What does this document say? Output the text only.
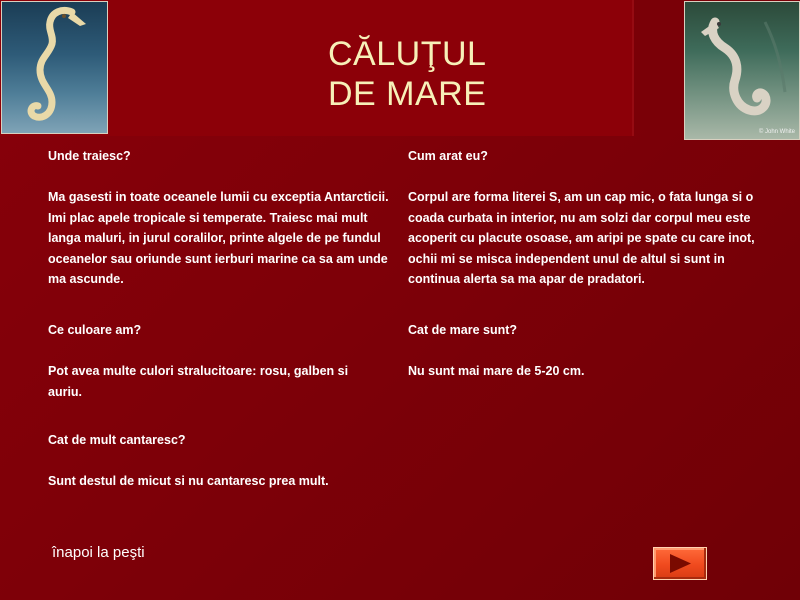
© John White
CĂLUŢUL
DE MARE

Unde traiesc?

Ma gasesti in toate oceanele lumii cu exceptia Antarcticii. Imi plac apele tropicale si temperate. Traiesc mai mult langa maluri, in jurul coralilor, printe algele de pe fundul oceanelor sau oriunde sunt ierburi marine ca sa am unde ma ascunde.

Ce culoare am?

Pot avea multe culori stralucitoare: rosu, galben si auriu.

Cat de mult cantaresc?

Sunt destul de micut si nu cantaresc prea mult.

Cum arat eu?

Corpul are forma literei S, am un cap mic, o fata lunga si o coada curbata in interior, nu am solzi dar corpul meu este acoperit cu placute osoase, am aripi pe spate cu care inot, ochii mi se misca independent unul de altul si sunt in continua alerta sa ma apar de pradatori.

Cat de mare sunt?

Nu sunt mai mare de 5-20 cm.

înapoi la peşti
